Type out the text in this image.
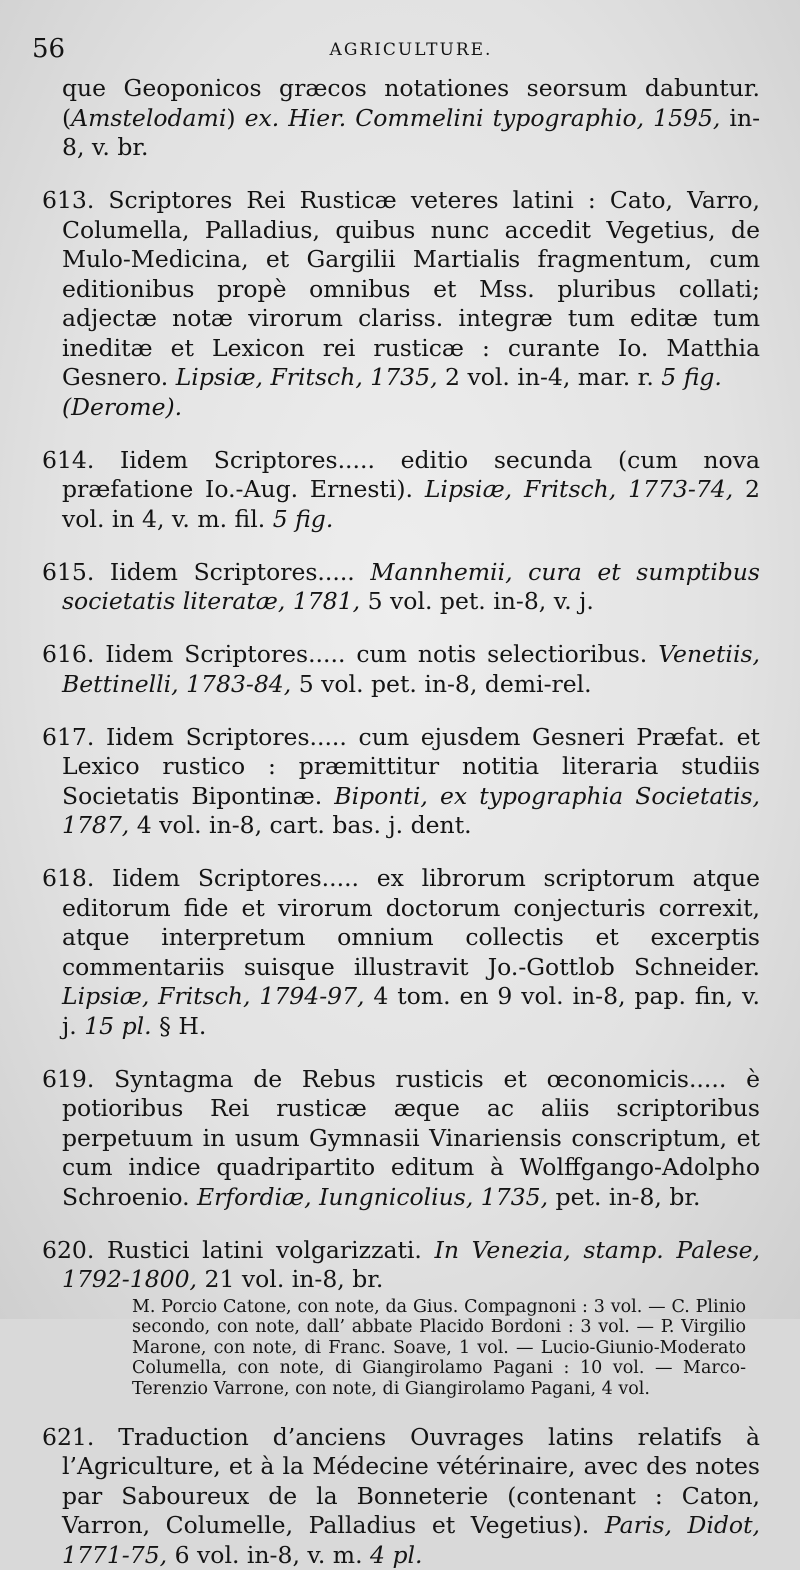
56	AGRICULTURE.

que Geoponicos græcos notationes seorsum dabuntur. (Amstelodami) ex. Hier. Commelini typographio, 1595, in-8, v. br.

613. Scriptores Rei Rusticæ veteres latini : Cato, Varro, Columella, Palladius, quibus nunc accedit Vegetius, de Mulo-Medicina, et Gargilii Martialis fragmentum, cum editionibus propè omnibus et Mss. pluribus collati; adjectæ notæ virorum clariss. integræ tum editæ tum ineditæ et Lexicon rei rusticæ : curante Io. Matthia Gesnero. Lipsiæ, Fritsch, 1735, 2 vol. in-4, mar. r. 5 fig.
(Derome).

614. Iidem Scriptores..... editio secunda (cum nova præfatione Io.-Aug. Ernesti). Lipsiæ, Fritsch, 1773-74, 2 vol. in 4, v. m. fil. 5 fig.

615. Iidem Scriptores..... Mannhemii, cura et sumptibus societatis literatæ, 1781, 5 vol. pet. in-8, v. j.

616. Iidem Scriptores..... cum notis selectioribus. Venetiis, Bettinelli, 1783-84, 5 vol. pet. in-8, demi-rel.

617. Iidem Scriptores..... cum ejusdem Gesneri Præfat. et Lexico rustico : præmittitur notitia literaria studiis Societatis Bipontinæ. Biponti, ex typographia Societatis, 1787, 4 vol. in-8, cart. bas. j. dent.

618. Iidem Scriptores..... ex librorum scriptorum atque editorum fide et virorum doctorum conjecturis correxit, atque interpretum omnium collectis et excerptis commentariis suisque illustravit Jo.-Gottlob Schneider. Lipsiæ, Fritsch, 1794-97, 4 tom. en 9 vol. in-8, pap. fin, v. j. 15 pl. § H.

619. Syntagma de Rebus rusticis et œconomicis..... è potioribus Rei rusticæ æque ac aliis scriptoribus perpetuum in usum Gymnasii Vinariensis conscriptum, et cum indice quadripartito editum à Wolffgango-Adolpho Schroenio. Erfordiæ, Iungnicolius, 1735, pet. in-8, br.

620. Rustici latini volgarizzati. In Venezia, stamp. Palese, 1792-1800, 21 vol. in-8, br.

M. Porcio Catone, con note, da Gius. Compagnoni : 3 vol. — C. Plinio secondo, con note, dall’ abbate Placido Bordoni : 3 vol. — P. Virgilio Marone, con note, di Franc. Soave, 1 vol. — Lucio-Giunio-Moderato Columella, con note, di Giangirolamo Pagani : 10 vol. — Marco-Terenzio Varrone, con note, di Giangirolamo Pagani, 4 vol.

621. Traduction d’anciens Ouvrages latins relatifs à l’Agriculture, et à la Médecine vétérinaire, avec des notes par Saboureux de la Bonneterie (contenant : Caton, Varron, Columelle, Palladius et Vegetius). Paris, Didot, 1771-75, 6 vol. in-8, v. m. 4 pl.
